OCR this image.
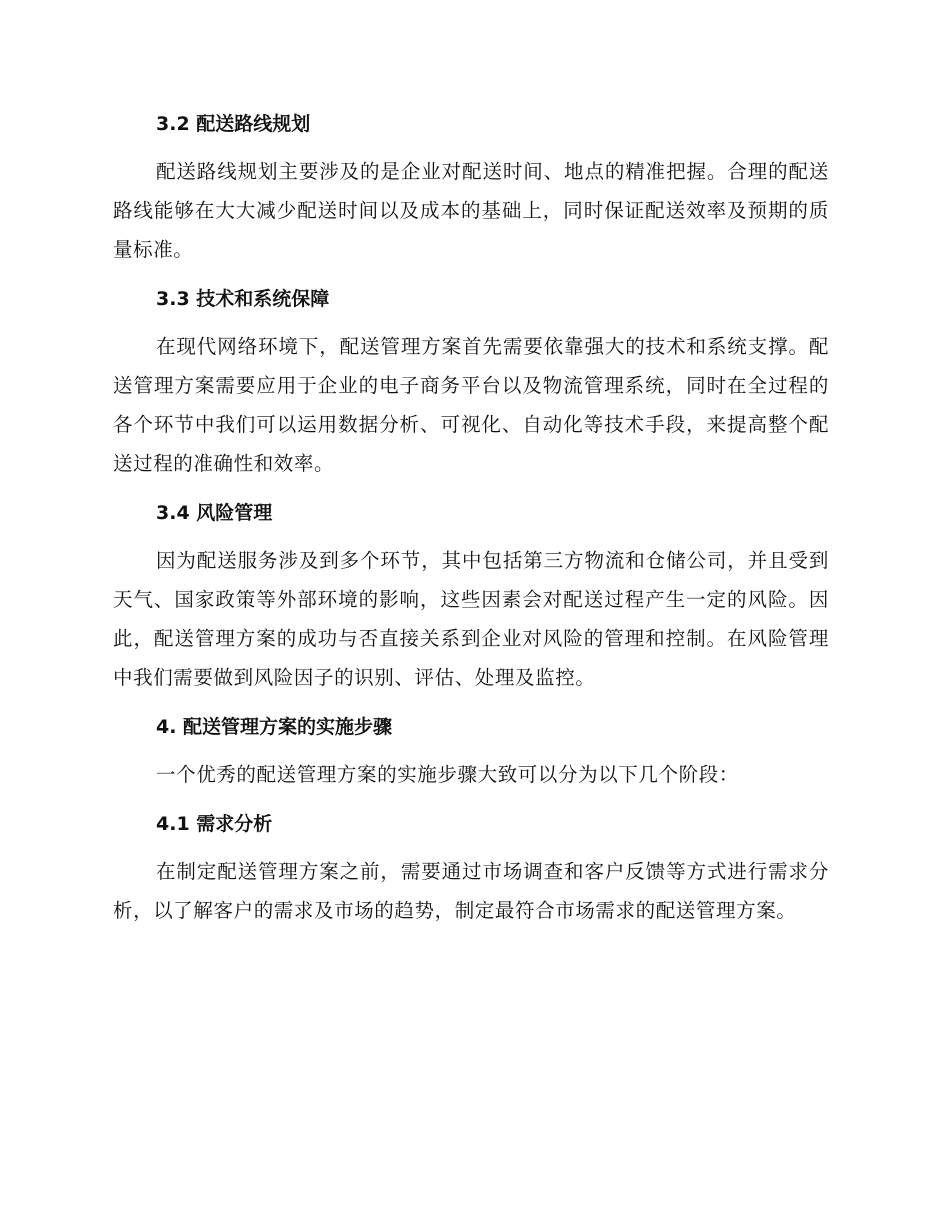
3.2 配送路线规划

配送路线规划主要涉及的是企业对配送时间、地点的精准把握。合理的配送路线能够在大大减少配送时间以及成本的基础上，同时保证配送效率及预期的质量标准。

3.3 技术和系统保障

在现代网络环境下，配送管理方案首先需要依靠强大的技术和系统支撑。配送管理方案需要应用于企业的电子商务平台以及物流管理系统，同时在全过程的各个环节中我们可以运用数据分析、可视化、自动化等技术手段，来提高整个配送过程的准确性和效率。

3.4 风险管理

因为配送服务涉及到多个环节，其中包括第三方物流和仓储公司，并且受到天气、国家政策等外部环境的影响，这些因素会对配送过程产生一定的风险。因此，配送管理方案的成功与否直接关系到企业对风险的管理和控制。在风险管理中我们需要做到风险因子的识别、评估、处理及监控。

4. 配送管理方案的实施步骤

一个优秀的配送管理方案的实施步骤大致可以分为以下几个阶段：

4.1 需求分析

在制定配送管理方案之前，需要通过市场调查和客户反馈等方式进行需求分析，以了解客户的需求及市场的趋势，制定最符合市场需求的配送管理方案。
